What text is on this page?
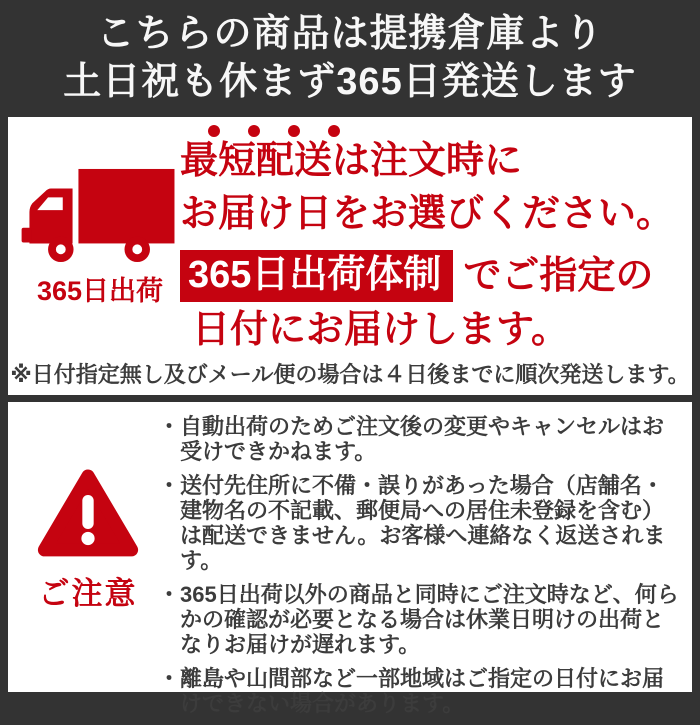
こちらの商品は提携倉庫より
土日祝も休まず365日発送します
365日出荷
最短配送は注文時に
お届け日をお選びください。
365日出荷体制 でご指定の
日付にお届けします。
※日付指定無し及びメール便の場合は４日後までに順次発送します。
ご注意
・ 自動出荷のためご注文後の変更やキャンセルはお受けできかねます。
・ 送付先住所に不備・誤りがあった場合（店舗名・建物名の不記載、郵便局への居住未登録を含む）は配送できません。お客様へ連絡なく返送されます。
・ 365日出荷以外の商品と同時にご注文時など、何らかの確認が必要となる場合は休業日明けの出荷となりお届けが遅れます。
・ 離島や山間部など一部地域はご指定の日付にお届けできない場合があります。
